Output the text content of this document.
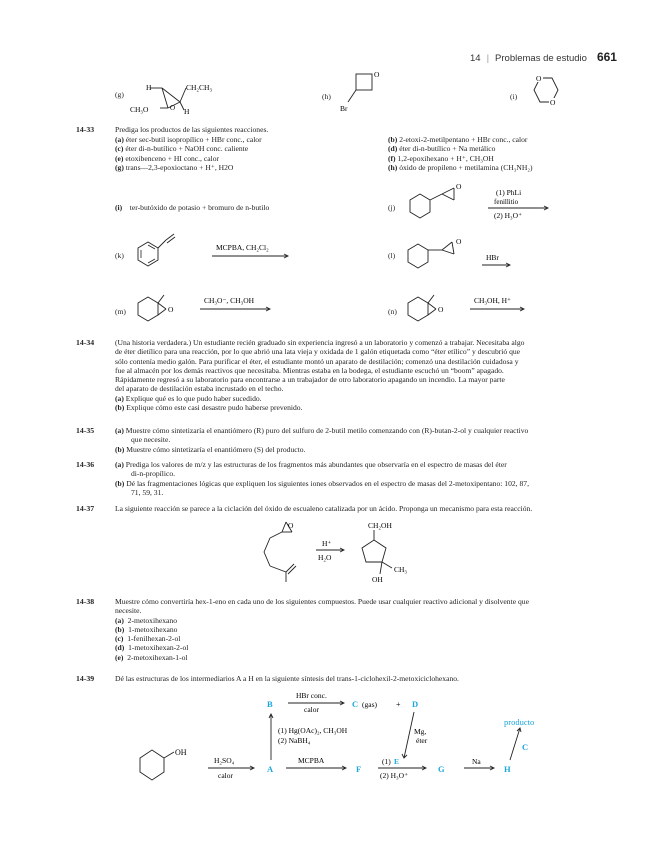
14 | Problemas de estudio 661
(g)
O
H	CH₂CH₃
CH₃O	H
(h)
O
Br
(i)
O
O
14-33	Prediga los productos de las siguientes reacciones.
(a) éter sec-butil isopropílico + HBr conc., calor
(c) éter di-n-butílico + NaOH conc. caliente
(e) etoxibenceno + HI conc., calor
(g) trans—2,3-epoxioctano + H⁺, H2O
(b) 2-etoxi-2-metilpentano + HBr conc., calor
(d) éter di-n-butílico + Na metálico
(f) 1,2-epoxihexano + H⁺, CH₃OH
(h) óxido de propileno + metilamina (CH₃NH₂)
(i) ter-butóxido de potasio + bromuro de n-butilo	(j)
O
(1) PhLi
fenillitio
(2) H₃O⁺
(k)
MCPBA, CH₂Cl₂
(l)
O
HBr
(m)	O
CH₃O⁻, CH₃OH
(n)	O
CH₃OH, H⁺
14-34	(Una historia verdadera.) Un estudiante recién graduado sin experiencia ingresó a un laboratorio y comenzó a trabajar. Necesitaba algo
de éter dietílico para una reacción, por lo que abrió una lata vieja y oxidada de 1 galón etiquetada como “éter etílico” y descubrió que
sólo contenía medio galón. Para purificar el éter, el estudiante montó un aparato de destilación; comenzó una destilación cuidadosa y
fue al almacén por los demás reactivos que necesitaba. Mientras estaba en la bodega, el estudiante escuchó un “boom” apagado.
Rápidamente regresó a su laboratorio para encontrarse a un trabajador de otro laboratorio apagando un incendio. La mayor parte
del aparato de destilación estaba incrustado en el techo.
(a) Explique qué es lo que pudo haber sucedido.
(b) Explique cómo este casi desastre pudo haberse prevenido.
14-35	(a) Muestre cómo sintetizaría el enantiómero (R) puro del sulfuro de 2-butil metilo comenzando con (R)-butan-2-ol y cualquier reactivo
que necesite.
(b) Muestre cómo sintetizaría el enantiómero (S) del producto.
14-36	(a) Prediga los valores de m/z y las estructuras de los fragmentos más abundantes que observaría en el espectro de masas del éter
di-n-propílico.
(b) Dé las fragmentaciones lógicas que expliquen los siguientes iones observados en el espectro de masas del 2-metoxipentano: 102, 87,
71, 59, 31.
14-37	La siguiente reacción se parece a la ciclación del óxido de escualeno catalizada por un ácido. Proponga un mecanismo para esta reacción.
O
H⁺
H₂O
CH₂OH
CH₃
OH
14-38	Muestre cómo convertiría hex-1-eno en cada uno de los siguientes compuestos. Puede usar cualquier reactivo adicional y disolvente que
necesite.
(a) 2-metoxihexano
(b) 1-metoxihexano
(c) 1-fenilhexan-2-ol
(d) 1-metoxihexan-2-ol
(e) 2-metoxihexan-1-ol
14-39	Dé las estructuras de los intermediarios A a H en la siguiente síntesis del trans-1-ciclohexil-2-metoxiciclohexano.
OH
H₂SO₄
calor
A
B
(1) Hg(OAc)₂, CH₃OH
(2) NaBH₄
HBr conc.
calor
C (gas) + D
Mg,
éter
MCPBA
F
(1) E
(2) H₃O⁺
G
Na
H
C
producto
